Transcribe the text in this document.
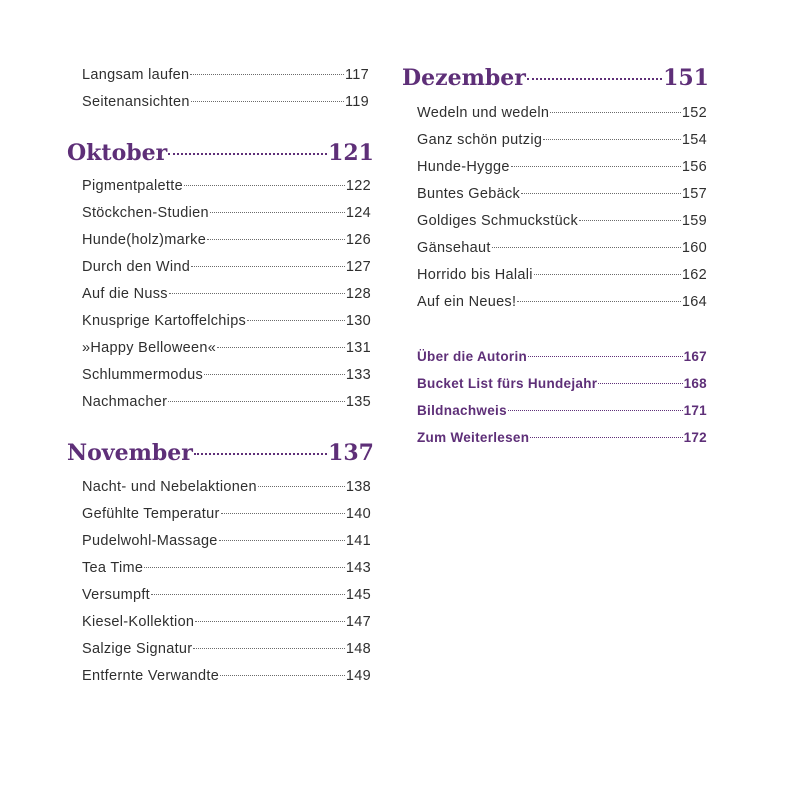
Langsam laufen	117
Seitenansichten	119
Oktober	121
Pigmentpalette	122
Stöckchen-Studien	124
Hunde(holz)marke	126
Durch den Wind	127
Auf die Nuss	128
Knusprige Kartoffelchips	130
»Happy Belloween«	131
Schlummermodus	133
Nachmacher	135
November	137
Nacht- und Nebelaktionen	138
Gefühlte Temperatur	140
Pudelwohl-Massage	141
Tea Time	143
Versumpft	145
Kiesel-Kollektion	147
Salzige Signatur	148
Entfernte Verwandte	149
Dezember	151
Wedeln und wedeln	152
Ganz schön putzig	154
Hunde-Hygge	156
Buntes Gebäck	157
Goldiges Schmuckstück	159
Gänsehaut	160
Horrido bis Halali	162
Auf ein Neues!	164
Über die Autorin	167
Bucket List fürs Hundejahr	168
Bildnachweis	171
Zum Weiterlesen	172
